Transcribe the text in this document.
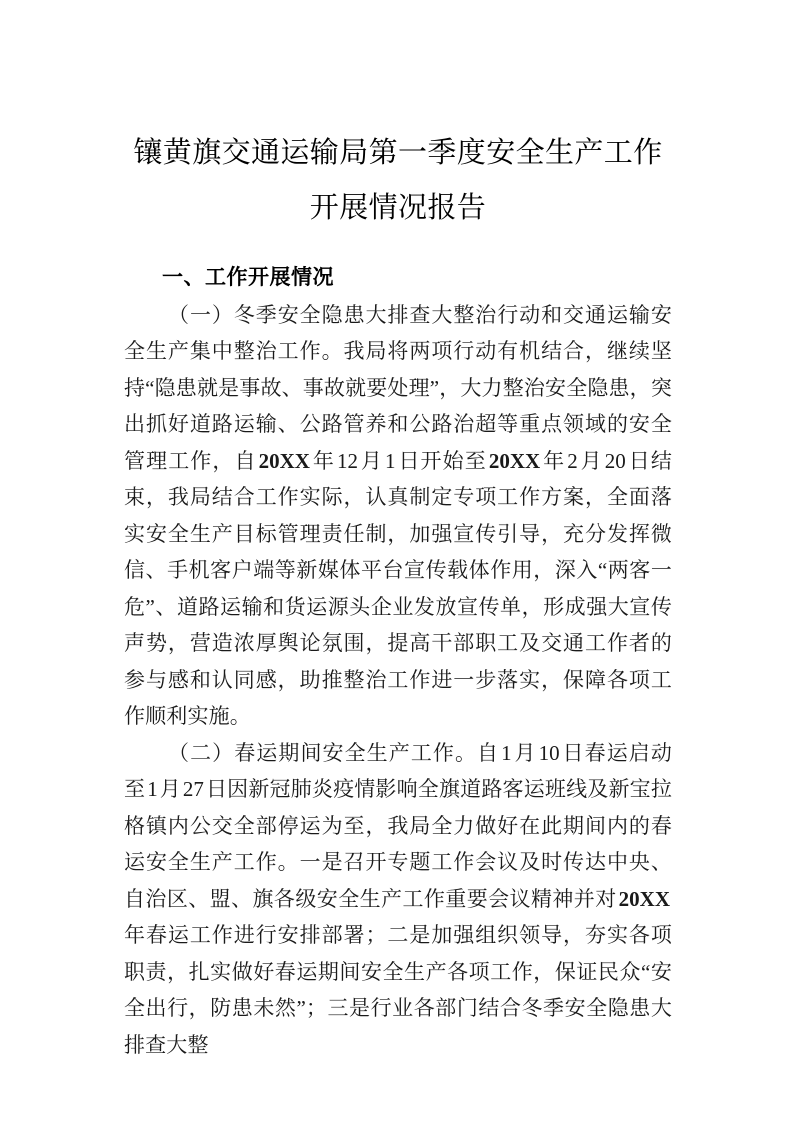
镶黄旗交通运输局第一季度安全生产工作
开展情况报告
一、工作开展情况

（一）冬季安全隐患大排查大整治行动和交通运输安全生产集中整治工作。我局将两项行动有机结合，继续坚持“隐患就是事故、事故就要处理”，大力整治安全隐患，突出抓好道路运输、公路管养和公路治超等重点领域的安全管理工作，自20XX年12月1日开始至20XX年2月20日结束，我局结合工作实际，认真制定专项工作方案，全面落实安全生产目标管理责任制，加强宣传引导，充分发挥微信、手机客户端等新媒体平台宣传载体作用，深入“两客一危”、道路运输和货运源头企业发放宣传单，形成强大宣传声势，营造浓厚舆论氛围，提高干部职工及交通工作者的参与感和认同感，助推整治工作进一步落实，保障各项工作顺利实施。

（二）春运期间安全生产工作。自1月10日春运启动至1月27日因新冠肺炎疫情影响全旗道路客运班线及新宝拉格镇内公交全部停运为至，我局全力做好在此期间内的春运安全生产工作。一是召开专题工作会议及时传达中央、自治区、盟、旗各级安全生产工作重要会议精神并对20XX年春运工作进行安排部署；二是加强组织领导，夯实各项职责，扎实做好春运期间安全生产各项工作，保证民众“安全出行，防患未然”；三是行业各部门结合冬季安全隐患大排查大整
